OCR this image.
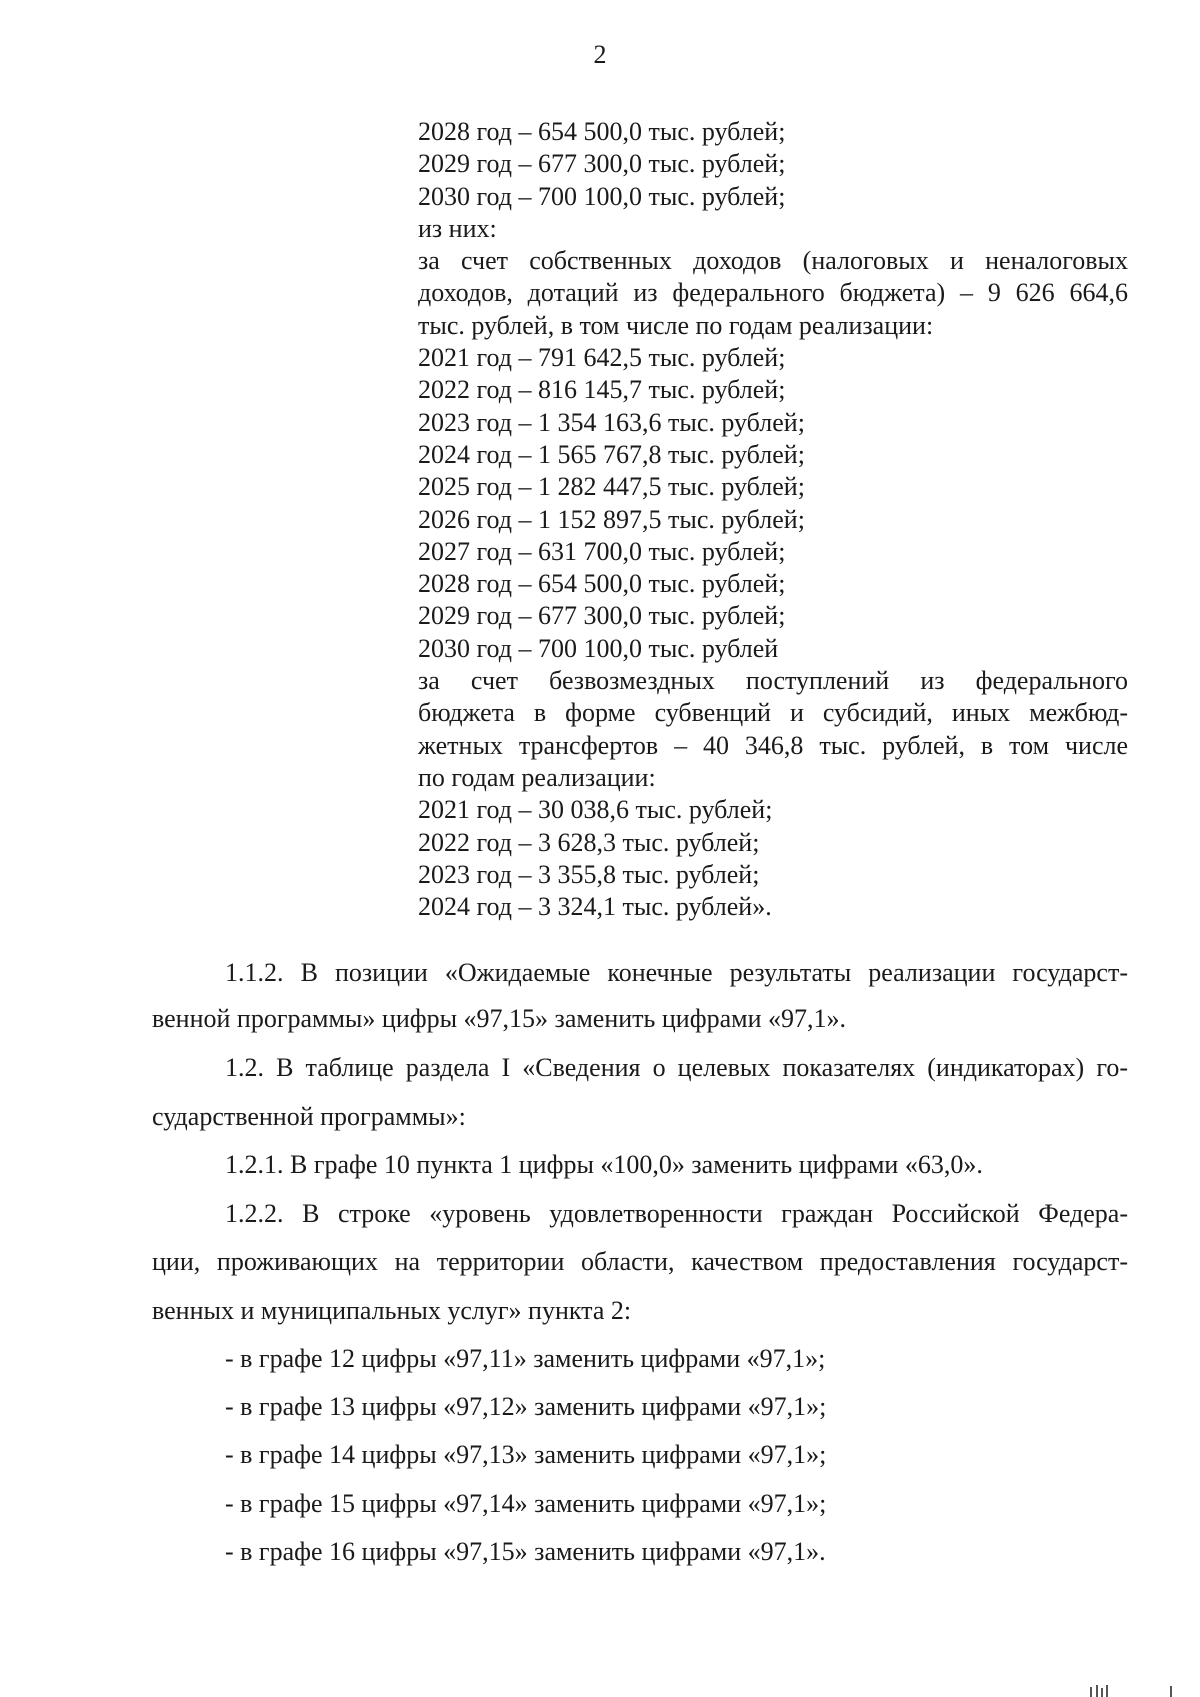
2
2028 год – 654 500,0 тыс. рублей;
2029 год – 677 300,0 тыс. рублей;
2030 год – 700 100,0 тыс. рублей;
из них:
за счет собственных доходов (налоговых и неналоговых
доходов, дотаций из федерального бюджета) – 9 626 664,6
тыс. рублей, в том числе по годам реализации:
2021 год – 791 642,5 тыс. рублей;
2022 год – 816 145,7 тыс. рублей;
2023 год – 1 354 163,6 тыс. рублей;
2024 год – 1 565 767,8 тыс. рублей;
2025 год – 1 282 447,5 тыс. рублей;
2026 год – 1 152 897,5 тыс. рублей;
2027 год – 631 700,0 тыс. рублей;
2028 год – 654 500,0 тыс. рублей;
2029 год – 677 300,0 тыс. рублей;
2030 год – 700 100,0 тыс. рублей
за счет безвозмездных поступлений из федерального
бюджета в форме субвенций и субсидий, иных межбюд-
жетных трансфертов – 40 346,8 тыс. рублей, в том числе
по годам реализации:
2021 год – 30 038,6 тыс. рублей;
2022 год – 3 628,3 тыс. рублей;
2023 год – 3 355,8 тыс. рублей;
2024 год – 3 324,1 тыс. рублей».
1.1.2. В позиции «Ожидаемые конечные результаты реализации государст-
венной программы» цифры «97,15» заменить цифрами «97,1».
1.2. В таблице раздела I «Сведения о целевых показателях (индикаторах) го-
сударственной программы»:
1.2.1. В графе 10 пункта 1 цифры «100,0» заменить цифрами «63,0».
1.2.2. В строке «уровень удовлетворенности граждан Российской Федера-
ции, проживающих на территории области, качеством предоставления государст-
венных и муниципальных услуг» пункта 2:
- в графе 12 цифры «97,11» заменить цифрами «97,1»;
- в графе 13 цифры «97,12» заменить цифрами «97,1»;
- в графе 14 цифры «97,13» заменить цифрами «97,1»;
- в графе 15 цифры «97,14» заменить цифрами «97,1»;
- в графе 16 цифры «97,15» заменить цифрами «97,1».
